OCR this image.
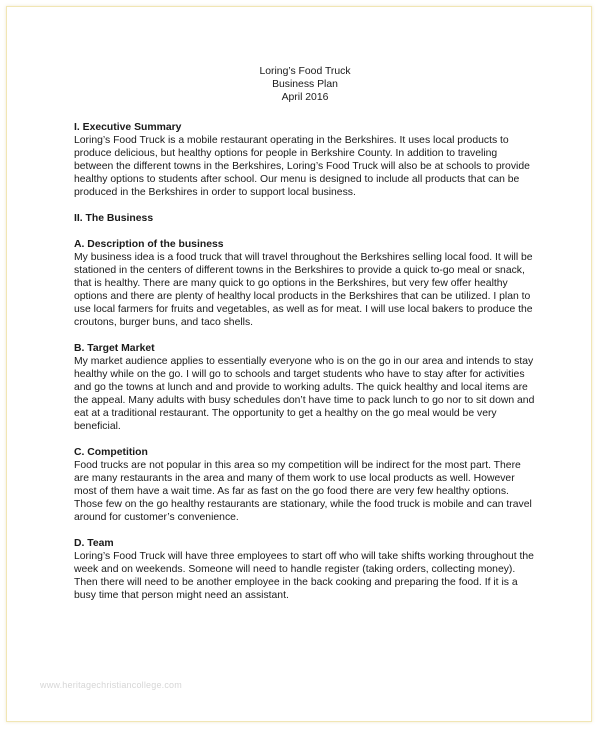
Loring’s Food Truck
Business Plan
April 2016

I. Executive Summary

Loring’s Food Truck is a mobile restaurant operating in the Berkshires. It uses local products to produce delicious, but healthy options for people in Berkshire County. In addition to traveling between the different towns in the Berkshires, Loring’s Food Truck will also be at schools to provide healthy options to students after school. Our menu is designed to include all products that can be produced in the Berkshires in order to support local business.

II. The Business

A. Description of the business

My business idea is a food truck that will travel throughout the Berkshires selling local food. It will be stationed in the centers of different towns in the Berkshires to provide a quick to-go meal or snack, that is healthy. There are many quick to go options in the Berkshires, but very few offer healthy options and there are plenty of healthy local products in the Berkshires that can be utilized. I plan to use local farmers for fruits and vegetables, as well as for meat. I will use local bakers to produce the croutons, burger buns, and taco shells.

B. Target Market

My market audience applies to essentially everyone who is on the go in our area and intends to stay healthy while on the go. I will go to schools and target students who have to stay after for activities and go the towns at lunch and and provide to working adults. The quick healthy and local items are the appeal. Many adults with busy schedules don’t have time to pack lunch to go nor to sit down and eat at a traditional restaurant. The opportunity to get a healthy on the go meal would be very beneficial.

C. Competition

Food trucks are not popular in this area so my competition will be indirect for the most part. There are many restaurants in the area and many of them work to use local products as well. However most of them have a wait time. As far as fast on the go food there are very few healthy options. Those few on the go healthy restaurants are stationary, while the food truck is mobile and can travel around for customer’s convenience.

D. Team

Loring’s Food Truck will have three employees to start off who will take shifts working throughout the week and on weekends. Someone will need to handle register (taking orders, collecting money). Then there will need to be another employee in the back cooking and preparing the food. If it is a busy time that person might need an assistant.

www.heritagechristiancollege.com
